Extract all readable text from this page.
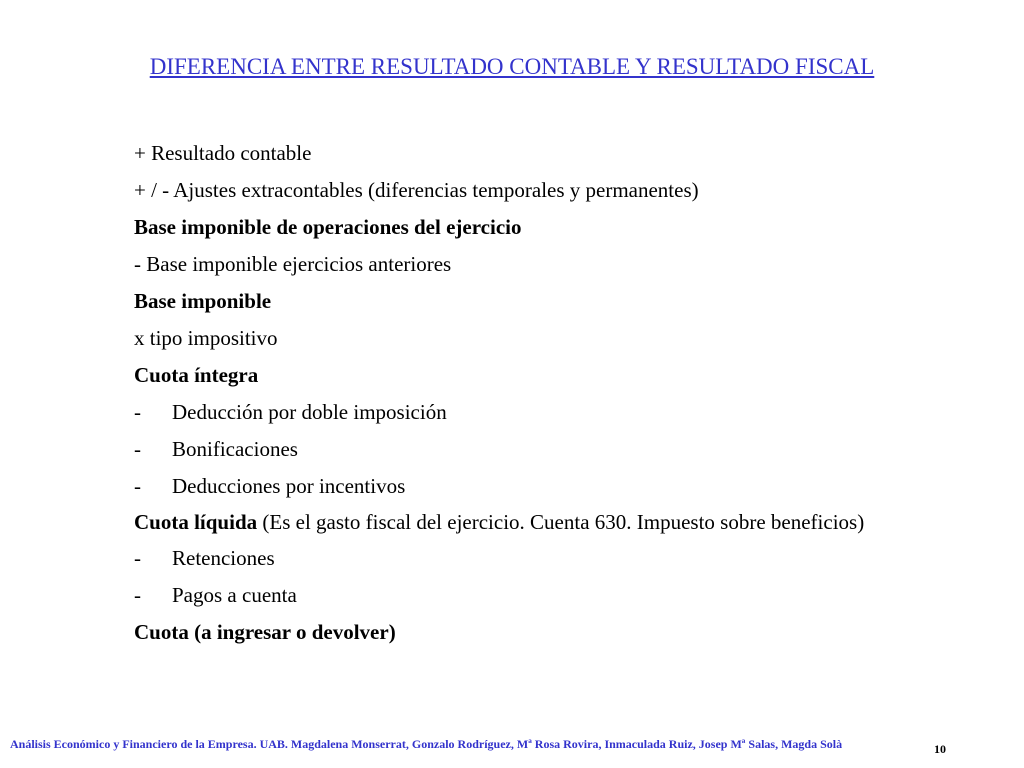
DIFERENCIA ENTRE RESULTADO CONTABLE Y RESULTADO FISCAL
+ Resultado contable
+ / - Ajustes extracontables (diferencias temporales y permanentes)
Base imponible de operaciones del ejercicio
- Base imponible ejercicios anteriores
Base imponible
x tipo impositivo
Cuota íntegra
-	Deducción por doble imposición
-	Bonificaciones
-	Deducciones por incentivos
Cuota líquida (Es el gasto fiscal del ejercicio. Cuenta 630. Impuesto sobre beneficios)
-	Retenciones
-	Pagos a cuenta
Cuota (a ingresar o devolver)
Análisis Económico y Financiero de la Empresa. UAB. Magdalena Monserrat, Gonzalo Rodríguez, Mª Rosa Rovira, Inmaculada Ruiz, Josep Mª Salas, Magda Solà	10
